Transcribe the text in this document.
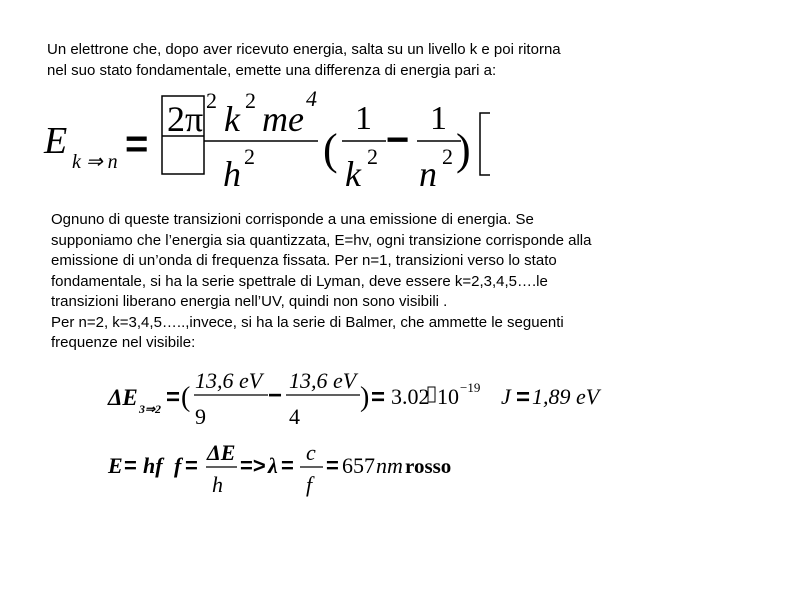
Un elettrone che, dopo aver ricevuto energia, salta su un livello k e poi ritorna
nel suo stato fondamentale, emette una differenza di energia pari a:

E k ⇒ n =
2π 2 k 2 me
4
h 2 (
1
k 2 − 1
n 2 )

Ognuno di queste transizioni corrisponde a una emissione di energia. Se
supponiamo che l’energia sia quantizzata, E=hv, ogni transizione corrisponde alla
emissione di un’onda di frequenza fissata. Per n=1, transizioni verso lo stato
fondamentale, si ha la serie spettrale di Lyman, deve essere k=2,3,4,5….le
transizioni liberano energia nell’UV, quindi non sono visibili .
Per n=2, k=3,4,5…..,invece, si ha la serie di Balmer, che ammette le seguenti
frequenze nel visibile:

ΔE 3⇒2 = (
13,6 eV
9
−
13,6 eV
4
) = 3.02 10 −19 J = 1,89 eV
E = hf f =
ΔE
h
=> λ =
c
f
= 657 nm rosso
